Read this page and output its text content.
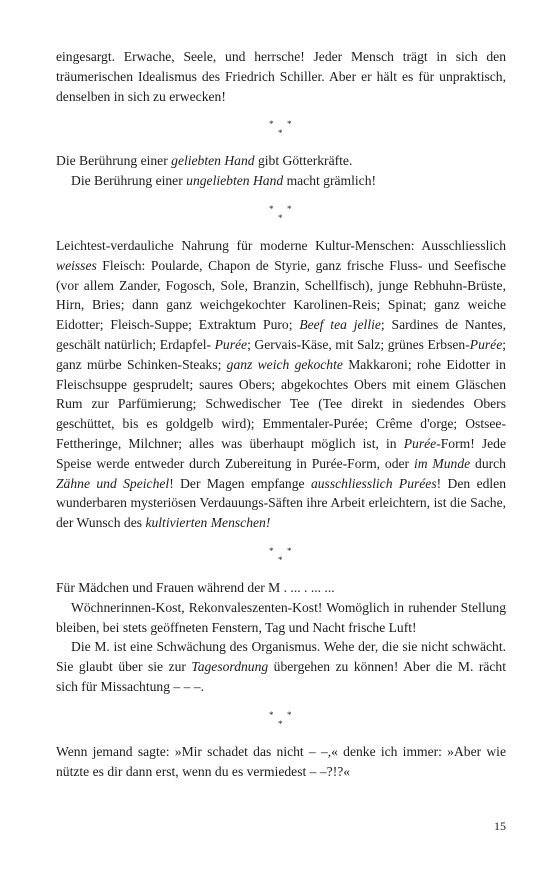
eingesargt. Erwache, Seele, und herrsche! Jeder Mensch trägt in sich den träumerischen Idealismus des Friedrich Schiller. Aber er hält es für unpraktisch, denselben in sich zu erwecken!

* *
*

Die Berührung einer geliebten Hand gibt Götterkräfte.

Die Berührung einer ungeliebten Hand macht grämlich!

* *
*

Leichtest-verdauliche Nahrung für moderne Kultur-Menschen: Ausschliesslich weisses Fleisch: Poularde, Chapon de Styrie, ganz frische Fluss- und Seefische (vor allem Zander, Fogosch, Sole, Branzin, Schellfisch), junge Rebhuhn-Brüste, Hirn, Bries; dann ganz weichgekochter Karolinen-Reis; Spinat; ganz weiche Eidotter; Fleisch-Suppe; Extraktum Puro; Beef tea jellie; Sardines de Nantes, geschält natürlich; Erdapfel- Purée; Gervais-Käse, mit Salz; grünes Erbsen-Purée; ganz mürbe Schinken-Steaks; ganz weich gekochte Makkaroni; rohe Eidotter in Fleischsuppe gesprudelt; saures Obers; abgekochtes Obers mit einem Gläschen Rum zur Parfümierung; Schwedischer Tee (Tee direkt in siedendes Obers geschüttet, bis es goldgelb wird); Emmentaler-Purée; Crême d'orge; Ostsee-Fettheringe, Milchner; alles was überhaupt möglich ist, in Purée-Form! Jede Speise werde entweder durch Zubereitung in Purée-Form, oder im Munde durch Zähne und Speichel! Der Magen empfange ausschliesslich Purées! Den edlen wunderbaren mysteriösen Verdauungs-Säften ihre Arbeit erleichtern, ist die Sache, der Wunsch des kultivierten Menschen!

* *
*

Für Mädchen und Frauen während der M . ... . ... ...

Wöchnerinnen-Kost, Rekonvaleszenten-Kost! Womöglich in ruhender Stellung bleiben, bei stets geöffneten Fenstern, Tag und Nacht frische Luft!

Die M. ist eine Schwächung des Organismus. Wehe der, die sie nicht schwächt. Sie glaubt über sie zur Tagesordnung übergehen zu können! Aber die M. rächt sich für Missachtung – – –.

* *
*

Wenn jemand sagte: »Mir schadet das nicht – –,« denke ich immer: »Aber wie nützte es dir dann erst, wenn du es vermiedest – –?!?«

15
